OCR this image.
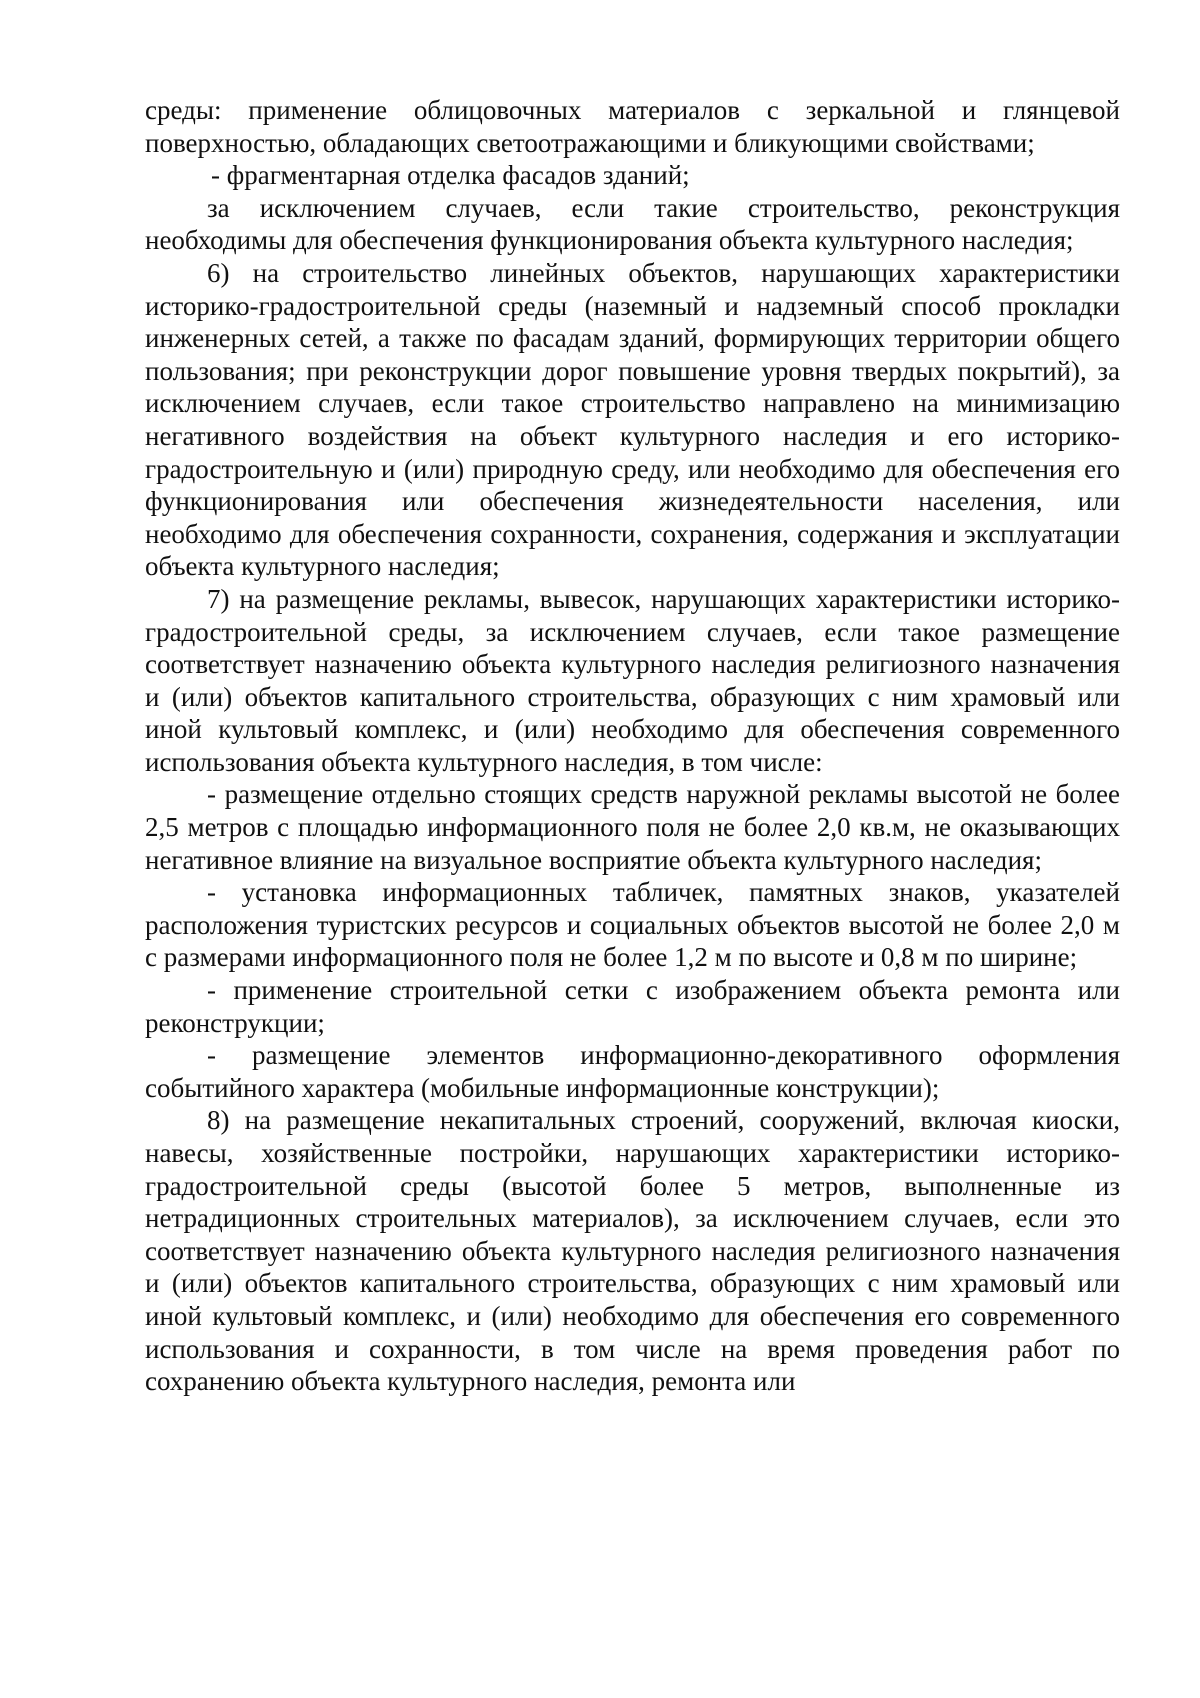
среды: применение облицовочных материалов с зеркальной и глянцевой поверхностью, обладающих светоотражающими и бликующими свойствами;

- фрагментарная отделка фасадов зданий;

за исключением случаев, если такие строительство, реконструкция необходимы для обеспечения функционирования объекта культурного наследия;

6) на строительство линейных объектов, нарушающих характеристики историко-градостроительной среды (наземный и надземный способ прокладки инженерных сетей, а также по фасадам зданий, формирующих территории общего пользования; при реконструкции дорог повышение уровня твердых покрытий), за исключением случаев, если такое строительство направлено на минимизацию негативного воздействия на объект культурного наследия и его историко-градостроительную и (или) природную среду, или необходимо для обеспечения его функционирования или обеспечения жизнедеятельности населения, или необходимо для обеспечения сохранности, сохранения, содержания и эксплуатации объекта культурного наследия;

7) на размещение рекламы, вывесок, нарушающих характеристики историко-градостроительной среды, за исключением случаев, если такое размещение соответствует назначению объекта культурного наследия религиозного назначения и (или) объектов капитального строительства, образующих с ним храмовый или иной культовый комплекс, и (или) необходимо для обеспечения современного использования объекта культурного наследия, в том числе:

- размещение отдельно стоящих средств наружной рекламы высотой не более 2,5 метров с площадью информационного поля не более 2,0 кв.м, не оказывающих негативное влияние на визуальное восприятие объекта культурного наследия;

- установка информационных табличек, памятных знаков, указателей расположения туристских ресурсов и социальных объектов высотой не более 2,0 м с размерами информационного поля не более 1,2 м по высоте и 0,8 м по ширине;

- применение строительной сетки с изображением объекта ремонта или реконструкции;

- размещение элементов информационно-декоративного оформления событийного характера (мобильные информационные конструкции);

8) на размещение некапитальных строений, сооружений, включая киоски, навесы, хозяйственные постройки, нарушающих характеристики историко-градостроительной среды (высотой более 5 метров, выполненные из нетрадиционных строительных материалов), за исключением случаев, если это соответствует назначению объекта культурного наследия религиозного назначения и (или) объектов капитального строительства, образующих с ним храмовый или иной культовый комплекс, и (или) необходимо для обеспечения его современного использования и сохранности, в том числе на время проведения работ по сохранению объекта культурного наследия, ремонта или
